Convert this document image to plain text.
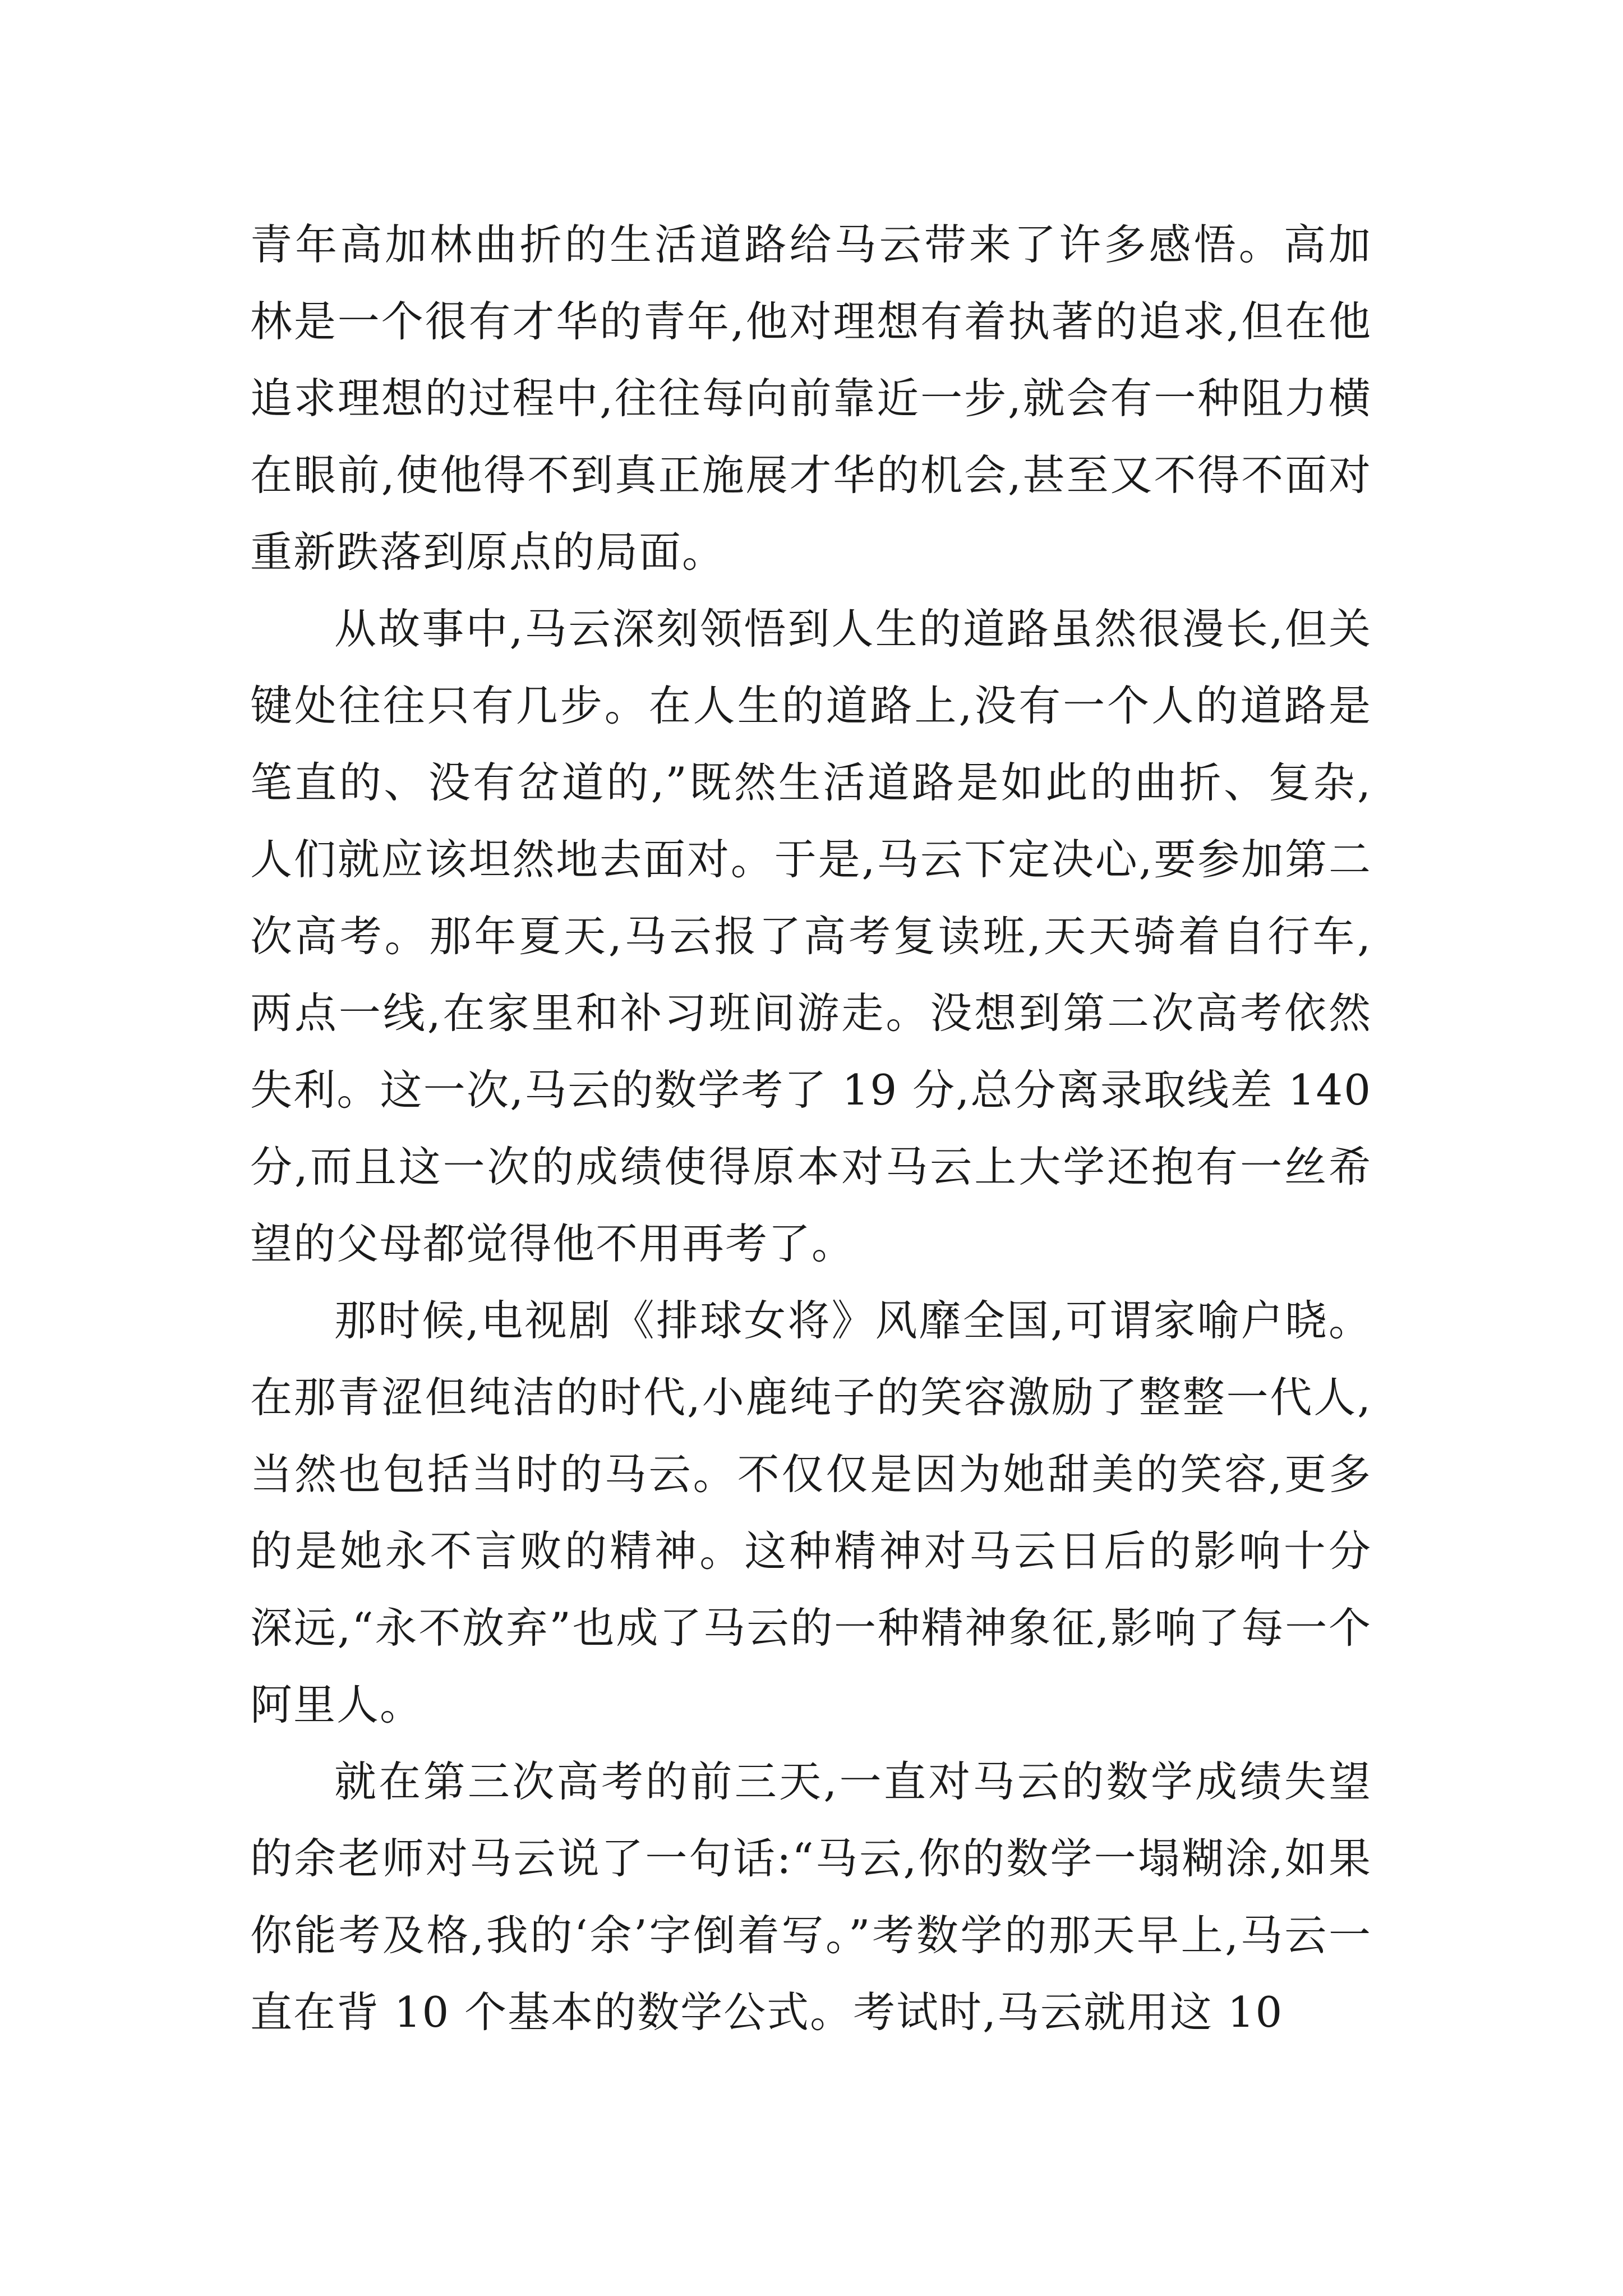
青年高加林曲折的生活道路给马云带来了许多感悟。高加林是一个很有才华的青年,他对理想有着执著的追求,但在他追求理想的过程中,往往每向前靠近一步,就会有一种阻力横在眼前,使他得不到真正施展才华的机会,甚至又不得不面对重新跌落到原点的局面。

从故事中,马云深刻领悟到人生的道路虽然很漫长,但关键处往往只有几步。在人生的道路上,没有一个人的道路是笔直的、没有岔道的,”既然生活道路是如此的曲折、复杂,人们就应该坦然地去面对。于是,马云下定决心,要参加第二次高考。那年夏天,马云报了高考复读班,天天骑着自行车,两点一线,在家里和补习班间游走。没想到第二次高考依然失利。这一次,马云的数学考了 19 分,总分离录取线差 140 分,而且这一次的成绩使得原本对马云上大学还抱有一丝希望的父母都觉得他不用再考了。

那时候,电视剧《排球女将》风靡全国,可谓家喻户晓。在那青涩但纯洁的时代,小鹿纯子的笑容激励了整整一代人,当然也包括当时的马云。不仅仅是因为她甜美的笑容,更多的是她永不言败的精神。这种精神对马云日后的影响十分深远,“永不放弃”也成了马云的一种精神象征,影响了每一个阿里人。

就在第三次高考的前三天,一直对马云的数学成绩失望的余老师对马云说了一句话:“马云,你的数学一塌糊涂,如果你能考及格,我的‘余’字倒着写。”考数学的那天早上,马云一直在背 10 个基本的数学公式。考试时,马云就用这 10
